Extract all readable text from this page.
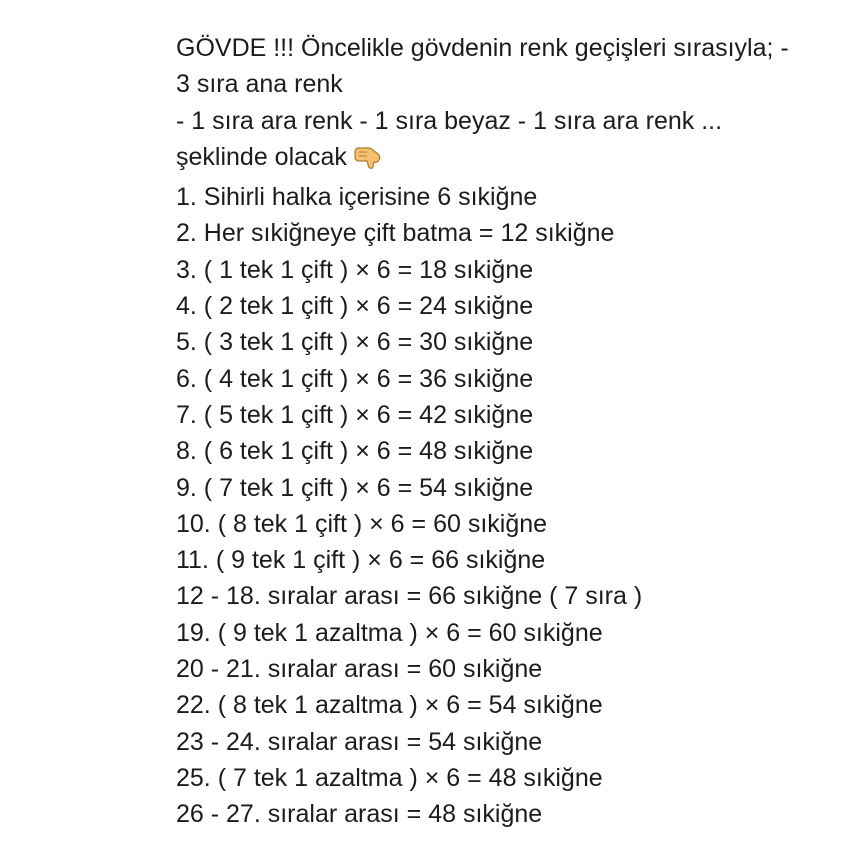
GÖVDE !!! Öncelikle gövdenin renk geçişleri sırasıyla; -
3 sıra ana renk
- 1 sıra ara renk - 1 sıra beyaz - 1 sıra ara renk ...
şeklinde olacak
1. Sihirli halka içerisine 6 sıkiğne
2. Her sıkiğneye çift batma = 12 sıkiğne
3. ( 1 tek 1 çift ) × 6 = 18 sıkiğne
4. ( 2 tek 1 çift ) × 6 = 24 sıkiğne
5. ( 3 tek 1 çift ) × 6 = 30 sıkiğne
6. ( 4 tek 1 çift ) × 6 = 36 sıkiğne
7. ( 5 tek 1 çift ) × 6 = 42 sıkiğne
8. ( 6 tek 1 çift ) × 6 = 48 sıkiğne
9. ( 7 tek 1 çift ) × 6 = 54 sıkiğne
10. ( 8 tek 1 çift ) × 6 = 60 sıkiğne
11. ( 9 tek 1 çift ) × 6 = 66 sıkiğne
12 - 18. sıralar arası = 66 sıkiğne ( 7 sıra )
19. ( 9 tek 1 azaltma ) × 6 = 60 sıkiğne
20 - 21. sıralar arası = 60 sıkiğne
22. ( 8 tek 1 azaltma ) × 6 = 54 sıkiğne
23 - 24. sıralar arası = 54 sıkiğne
25. ( 7 tek 1 azaltma ) × 6 = 48 sıkiğne
26 - 27. sıralar arası = 48 sıkiğne
